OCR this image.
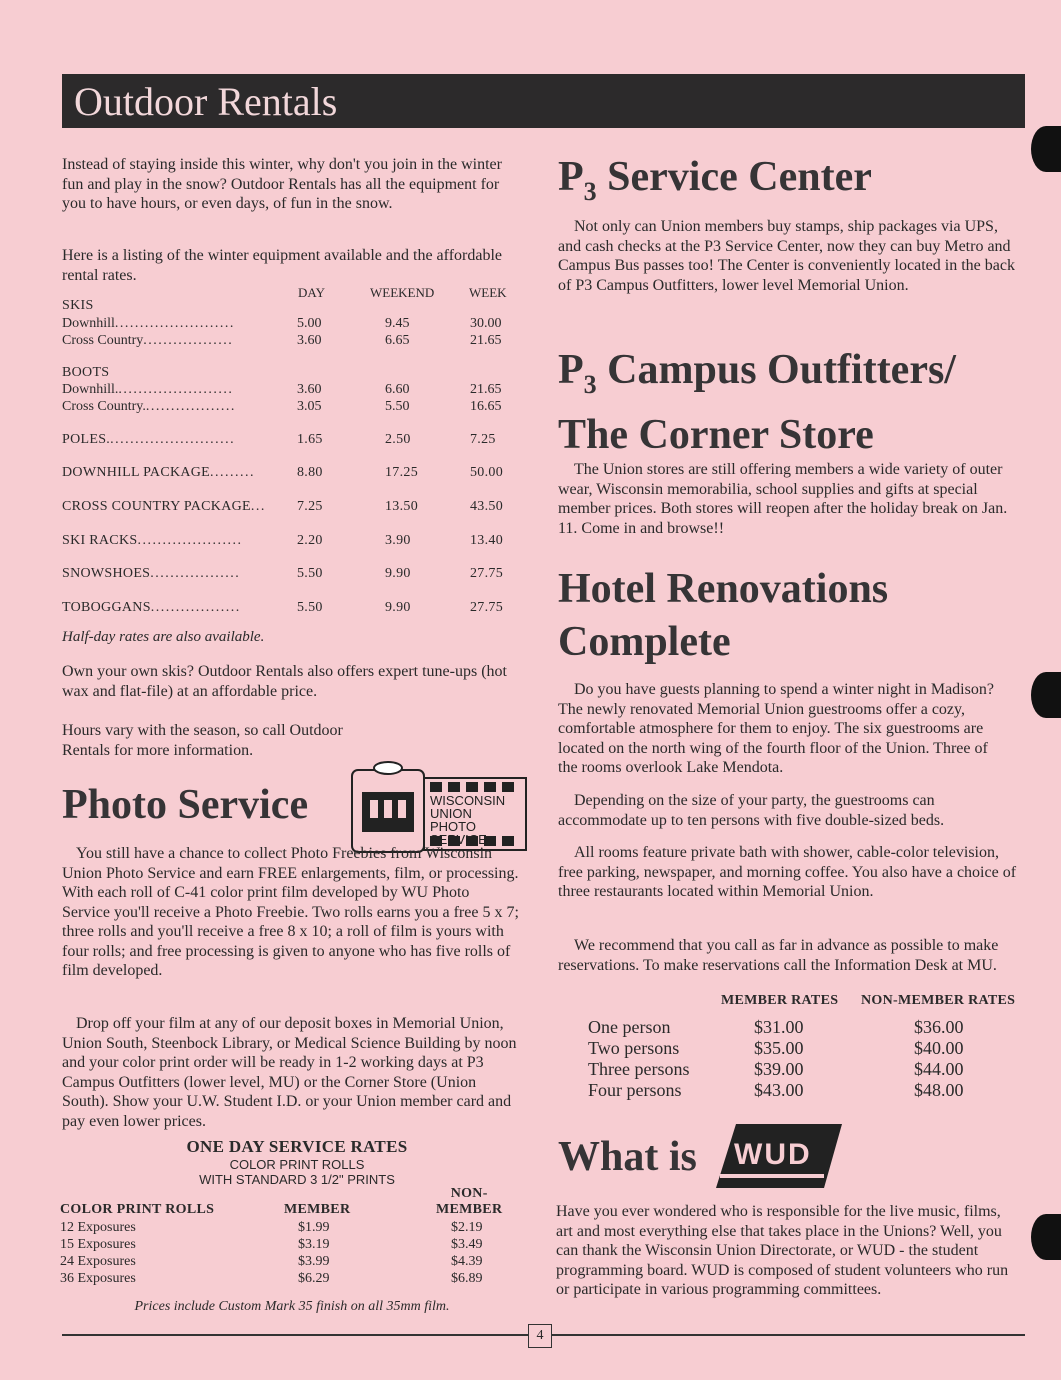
Outdoor Rentals

Instead of staying inside this winter, why don't you join in the winter fun and play in the snow? Outdoor Rentals has all the equipment for you to have hours, or even days, of fun in the snow.

Here is a listing of the winter equipment available and the affordable rental rates.

DAY	WEEKEND	WEEK
SKIS
Downhill........................	5.00	9.45	30.00
Cross Country..................	3.60	6.65	21.65
BOOTS
Downhill........................	3.60	6.60	21.65
Cross Country...................	3.05	5.50	16.65
POLES..........................	1.65	2.50	7.25
DOWNHILL PACKAGE.........	8.80	17.25	50.00
CROSS COUNTRY PACKAGE... 7.25	13.50	43.50
SKI RACKS.....................	2.20	3.90	13.40
SNOWSHOES..................	5.50	9.90	27.75
TOBOGGANS..................	5.50	9.90	27.75
Half-day rates are also available.

Own your own skis? Outdoor Rentals also offers expert tune-ups (hot wax and flat-file) at an affordable price.

Hours vary with the season, so call Outdoor Rentals for more information.

Photo Service	WISCONSIN
UNION
PHOTO
SERVICE

You still have a chance to collect Photo Freebies from Wisconsin Union Photo Service and earn FREE enlargements, film, or processing. With each roll of C-41 color print film developed by WU Photo Service you'll receive a Photo Freebie. Two rolls earns you a free 5 x 7; three rolls and you'll receive a free 8 x 10; a roll of film is yours with four rolls; and free processing is given to anyone who has five rolls of film developed.

Drop off your film at any of our deposit boxes in Memorial Union, Union South, Steenbock Library, or Medical Science Building by noon and your color print order will be ready in 1-2 working days at P3 Campus Outfitters (lower level, MU) or the Corner Store (Union South). Show your U.W. Student I.D. or your Union member card and pay even lower prices.

ONE DAY SERVICE RATES
COLOR PRINT ROLLS
WITH STANDARD 3 1/2" PRINTS
COLOR PRINT ROLLS	MEMBER
NON-
MEMBER
12 Exposures	$1.99	$2.19
15 Exposures	$3.19	$3.49
24 Exposures	$3.99	$4.39
36 Exposures	$6.29	$6.89
Prices include Custom Mark 35 finish on all 35mm film.
$P_3$ Service Center

Not only can Union members buy stamps, ship packages via UPS, and cash checks at the P3 Service Center, now they can buy Metro and Campus Bus passes too! The Center is conveniently located in the back of P3 Campus Outfitters, lower level Memorial Union.

$P_3$ Campus Outfitters/
The Corner Store

The Union stores are still offering members a wide variety of outer wear, Wisconsin memorabilia, school supplies and gifts at special member prices. Both stores will reopen after the holiday break on Jan. 11. Come in and browse!!

Hotel Renovations
Complete

Do you have guests planning to spend a winter night in Madison? The newly renovated Memorial Union guestrooms offer a cozy, comfortable atmosphere for them to enjoy. The six guestrooms are located on the north wing of the fourth floor of the Union. Three of the rooms overlook Lake Mendota.

Depending on the size of your party, the guestrooms can accommodate up to ten persons with five double-sized beds.

All rooms feature private bath with shower, cable-color television, free parking, newspaper, and morning coffee. You also have a choice of three restaurants located within Memorial Union.

We recommend that you call as far in advance as possible to make reservations. To make reservations call the Information Desk at MU.

MEMBER RATES NON-MEMBER RATES
One person	$31.00	$36.00
Two persons	$35.00	$40.00
Three persons	$39.00	$44.00
Four persons	$43.00	$48.00
What is WUD

Have you ever wondered who is responsible for the live music, films, art and most everything else that takes place in the Unions? Well, you can thank the Wisconsin Union Directorate, or WUD - the student programming board. WUD is composed of student volunteers who run or participate in various programming committees.

4
